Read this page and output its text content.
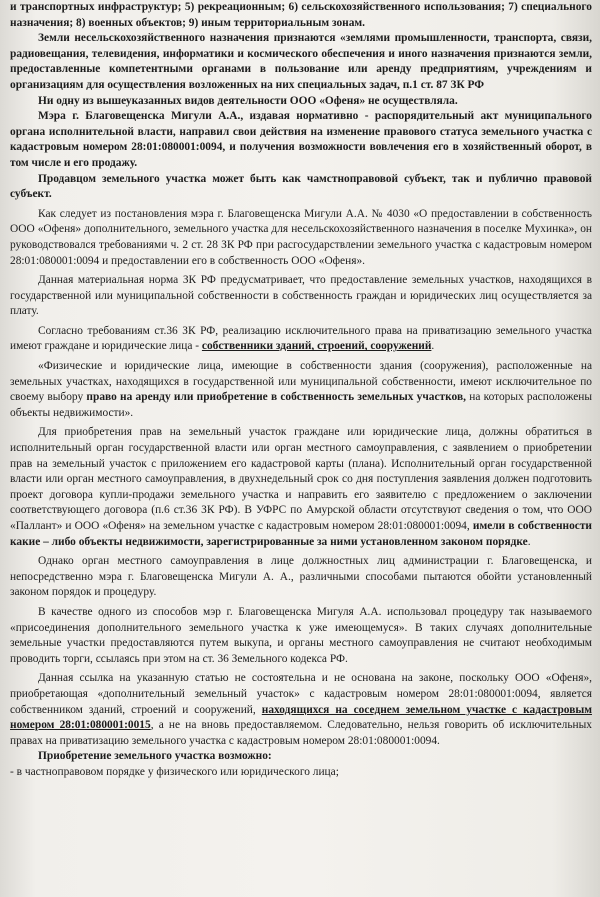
и транспортных инфраструктур; 5) рекреационным; 6) сельскохозяйственного использования; 7) специального назначения; 8) военных объектов; 9) иным территориальным зонам.

Земли несельскохозяйственного назначения признаются «землями промышленности, транспорта, связи, радиовещания, телевидения, информатики и космического обеспечения и иного назначения признаются земли, предоставленные компетентными органами в пользование или аренду предприятиям, учреждениям и организациям для осуществления возложенных на них специальных задач, п.1 ст. 87 ЗК РФ

Ни одну из вышеуказанных видов деятельности ООО «Офеня» не осуществляла.

Мэра г. Благовещенска Мигули А.А., издавая нормативно - распорядительный акт муниципального органа исполнительной власти, направил свои действия на изменение правового статуса земельного участка с кадастровым номером 28:01:080001:0094, и получения возможности вовлечения его в хозяйственный оборот, в том числе и его продажу.

Продавцом земельного участка может быть как чамстноправовой субъект, так и публично правовой субъект.

Как следует из постановления мэра г. Благовещенска Мигули А.А. № 4030 «О предоставлении в собственность ООО «Офеня» дополнительного, земельного участка для несельскохозяйственного назначения в поселке Мухинка», он руководствовался требованиями ч. 2 ст. 28 ЗК РФ при расгосударствлении земельного участка с кадастровым номером 28:01:080001:0094 и предоставлении его в собственность ООО «Офеня».

Данная материальная норма ЗК РФ предусматривает, что предоставление земельных участков, находящихся в государственной или муниципальной собственности в собственность граждан и юридических лиц осуществляется за плату.

Согласно требованиям ст.36 ЗК РФ, реализацию исключительного права на приватизацию земельного участка имеют граждане и юридические лица - собственники зданий, строений, сооружений.

«Физические и юридические лица, имеющие в собственности здания (сооружения), расположенные на земельных участках, находящихся в государственной или муниципальной собственности, имеют исключительное по своему выбору право на аренду или приобретение в собственность земельных участков, на которых расположены объекты недвижимости».

Для приобретения прав на земельный участок граждане или юридические лица, должны обратиться в исполнительный орган государственной власти или орган местного самоуправления, с заявлением о приобретении прав на земельный участок с приложением его кадастровой карты (плана). Исполнительный орган государственной власти или орган местного самоуправления, в двухнедельный срок со дня поступления заявления должен подготовить проект договора купли-продажи земельного участка и направить его заявителю с предложением о заключении соответствующего договора (п.6 ст.36 ЗК РФ). В УФРС по Амурской области отсутствуют сведения о том, что ООО «Паллант» и ООО «Офеня» на земельном участке с кадастровым номером 28:01:080001:0094, имели в собственности какие – либо объекты недвижимости, зарегистрированные за ними установленном законом порядке.

Однако орган местного самоуправления в лице должностных лиц администрации г. Благовещенска, и непосредственно мэра г. Благовещенска Мигули А. А., различными способами пытаются обойти установленный законом порядок и процедуру.

В качестве одного из способов мэр г. Благовещенска Мигуля А.А. использовал процедуру так называемого «присоединения дополнительного земельного участка к уже имеющемуся». В таких случаях дополнительные земельные участки предоставляются путем выкупа, и органы местного самоуправления не считают необходимым проводить торги, ссылаясь при этом на ст. 36 Земельного кодекса РФ.

Данная ссылка на указанную статью не состоятельна и не основана на законе, поскольку ООО «Офеня», приобретающая «дополнительный земельный участок» с кадастровым номером 28:01:080001:0094, является собственником зданий, строений и сооружений, находящихся на соседнем земельном участке с кадастровым номером 28:01:080001:0015, а не на вновь предоставляемом. Следовательно, нельзя говорить об исключительных правах на приватизацию земельного участка с кадастровым номером 28:01:080001:0094.

Приобретение земельного участка возможно:

- в частноправовом порядке у физического или юридического лица;
